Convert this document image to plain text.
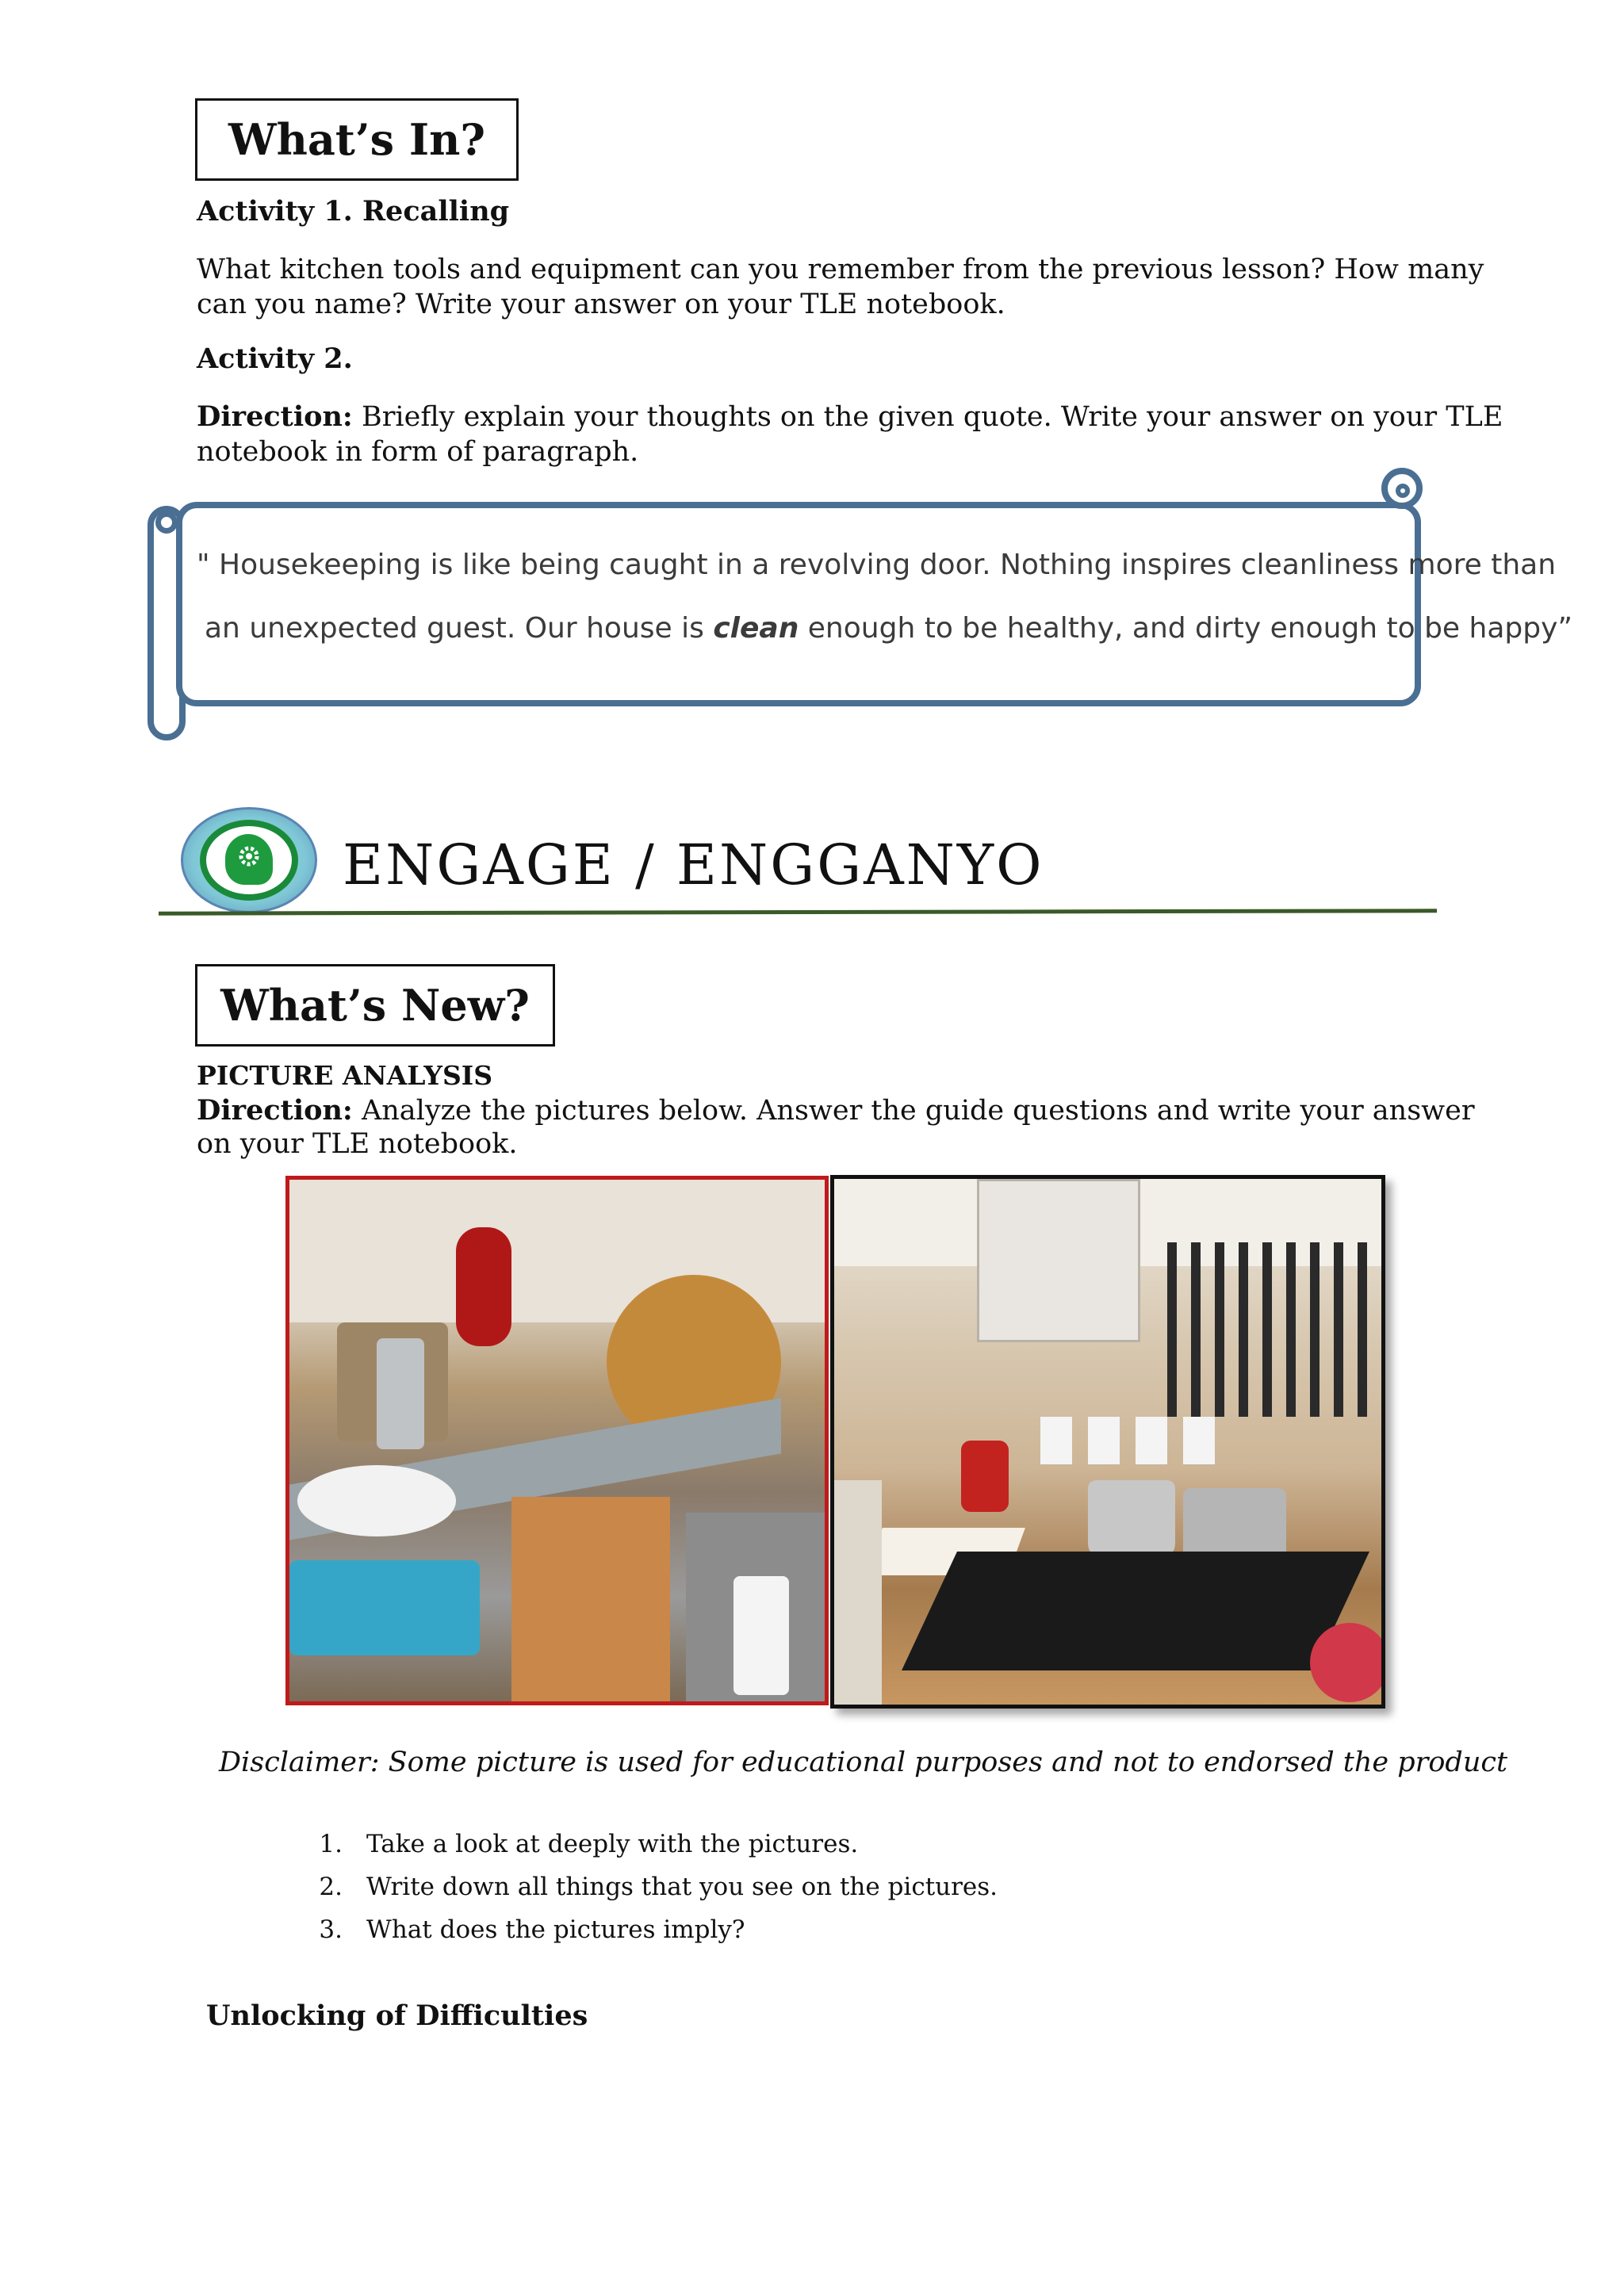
What’s In?
Activity 1. Recalling
What kitchen tools and equipment can you remember from the previous lesson? How many
can you name? Write your answer on your TLE notebook.
Activity 2.
Direction: Briefly explain your thoughts on the given quote. Write your answer on your TLE
notebook in form of paragraph.
" Housekeeping is like being caught in a revolving door. Nothing inspires cleanliness more than
an unexpected guest. Our house is clean enough to be healthy, and dirty enough to be happy”
ENGAGE / ENGGANYO
What’s New?
PICTURE ANALYSIS
Direction: Analyze the pictures below. Answer the guide questions and write your answer
on your TLE notebook.
Disclaimer: Some picture is used for educational purposes and not to endorsed the product
1. Take a look at deeply with the pictures.
2. Write down all things that you see on the pictures.
3. What does the pictures imply?
Unlocking of Difficulties
